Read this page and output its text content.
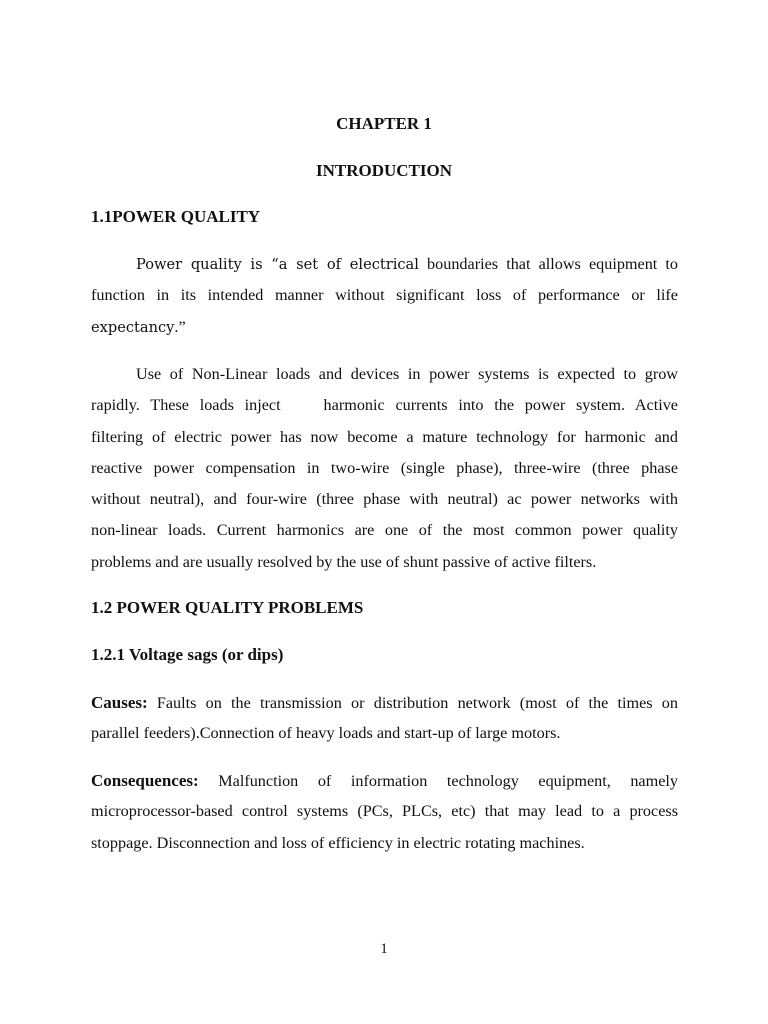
CHAPTER 1
INTRODUCTION
1.1POWER QUALITY
Power quality is “a set of electrical boundaries that allows equipment to
function in its intended manner without significant loss of performance or life
expectancy.”
Use of Non-Linear loads and devices in power systems is expected to grow
rapidly. These loads inject    harmonic currents into the power system. Active
filtering of electric power has now become a mature technology for harmonic and
reactive power compensation in two-wire (single phase), three-wire (three phase
without neutral), and four-wire (three phase with neutral) ac power networks with
non-linear loads. Current harmonics are one of the most common power quality
problems and are usually resolved by the use of shunt passive of active filters.
1.2 POWER QUALITY PROBLEMS
1.2.1 Voltage sags (or dips)
Causes: Faults on the transmission or distribution network (most of the times on
parallel feeders).Connection of heavy loads and start-up of large motors.
Consequences: Malfunction of information technology equipment, namely
microprocessor-based control systems (PCs, PLCs, etc) that may lead to a process
stoppage. Disconnection and loss of efficiency in electric rotating machines.
1
